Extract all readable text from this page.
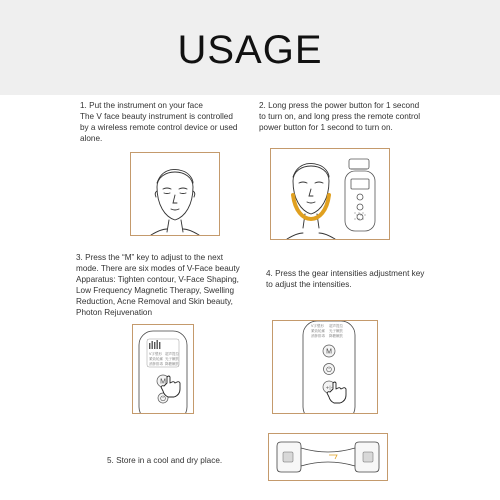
USAGE
1. Put the instrument on your face
The V face beauty instrument is controlled by a wireless remote control device or used alone.
2. Long press the power button for 1 second to turn on, and long press the remote control power button for 1 second to turn on.
3. Press the “M” key to adjust to the next mode. There are six modes of V-Face beauty Apparatus: Tighten contour, V-Face Shaping, Low Frequency Magnetic Therapy, Swelling Reduction, Acne Removal and Skin beauty, Photon Rejuvenation
4. Press the gear intensities adjustment key to adjust the intensities.
V字塑形 超声提拉
紧致轮廓 光子嫩肤
消肿排毒 降糖嫩肤
M
⏻
V字塑形 超声提拉
紧致轮廓 光子嫩肤
消肿排毒 降糖嫩肤
M
⏻
+|-
5. Store in a cool and dry place.
